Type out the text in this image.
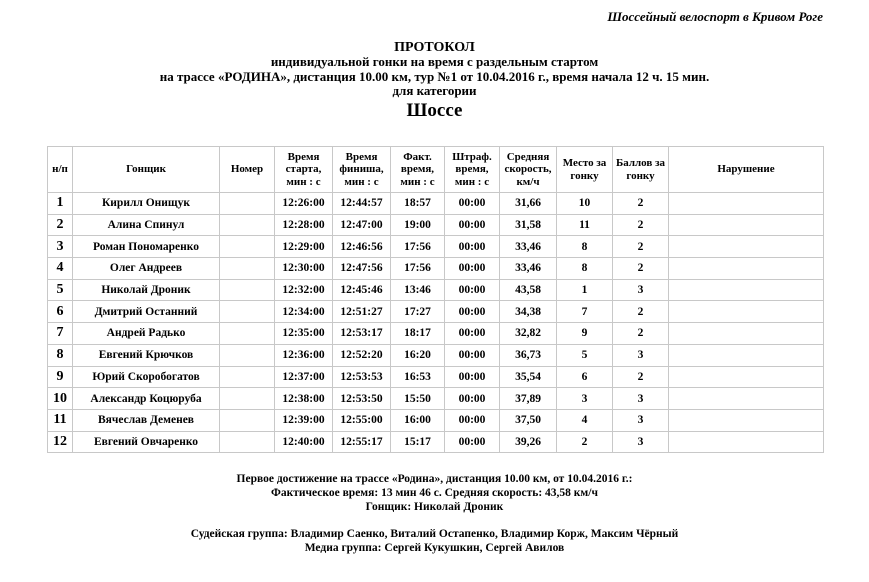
Шоссейный велоспорт в Кривом Роге
ПРОТОКОЛ
индивидуальной гонки на время с раздельным стартом
на трассе «РОДИНА», дистанция 10.00 км, тур №1 от 10.04.2016 г., время начала 12 ч. 15 мин.
для категории
Шоссе
н/п	Гонщик	Номер	Время старта, мин : с	Время финиша, мин : с	Факт. время, мин : с	Штраф. время, мин : с	Средняя скорость, км/ч	Место за гонку	Баллов за гонку	Нарушение
1	Кирилл Онищук		12:26:00	12:44:57	18:57	00:00	31,66	10	2	
2	Алина Спинул		12:28:00	12:47:00	19:00	00:00	31,58	11	2	
3	Роман Пономаренко		12:29:00	12:46:56	17:56	00:00	33,46	8	2	
4	Олег Андреев		12:30:00	12:47:56	17:56	00:00	33,46	8	2	
5	Николай Дроник		12:32:00	12:45:46	13:46	00:00	43,58	1	3	
6	Дмитрий Останний		12:34:00	12:51:27	17:27	00:00	34,38	7	2	
7	Андрей Радько		12:35:00	12:53:17	18:17	00:00	32,82	9	2	
8	Евгений Крючков		12:36:00	12:52:20	16:20	00:00	36,73	5	3	
9	Юрий Скоробогатов		12:37:00	12:53:53	16:53	00:00	35,54	6	2	
10	Александр Коцюруба		12:38:00	12:53:50	15:50	00:00	37,89	3	3	
11	Вячеслав Деменев		12:39:00	12:55:00	16:00	00:00	37,50	4	3	
12	Евгений Овчаренко		12:40:00	12:55:17	15:17	00:00	39,26	2	3	
Первое достижение на трассе «Родина», дистанция 10.00 км, от 10.04.2016 г.:
Фактическое время: 13 мин 46 с. Средняя скорость: 43,58 км/ч
Гонщик: Николай Дроник
Судейская группа: Владимир Саенко, Виталий Остапенко, Владимир Корж, Максим Чёрный
Медиа группа: Сергей Кукушкин, Сергей Авилов
